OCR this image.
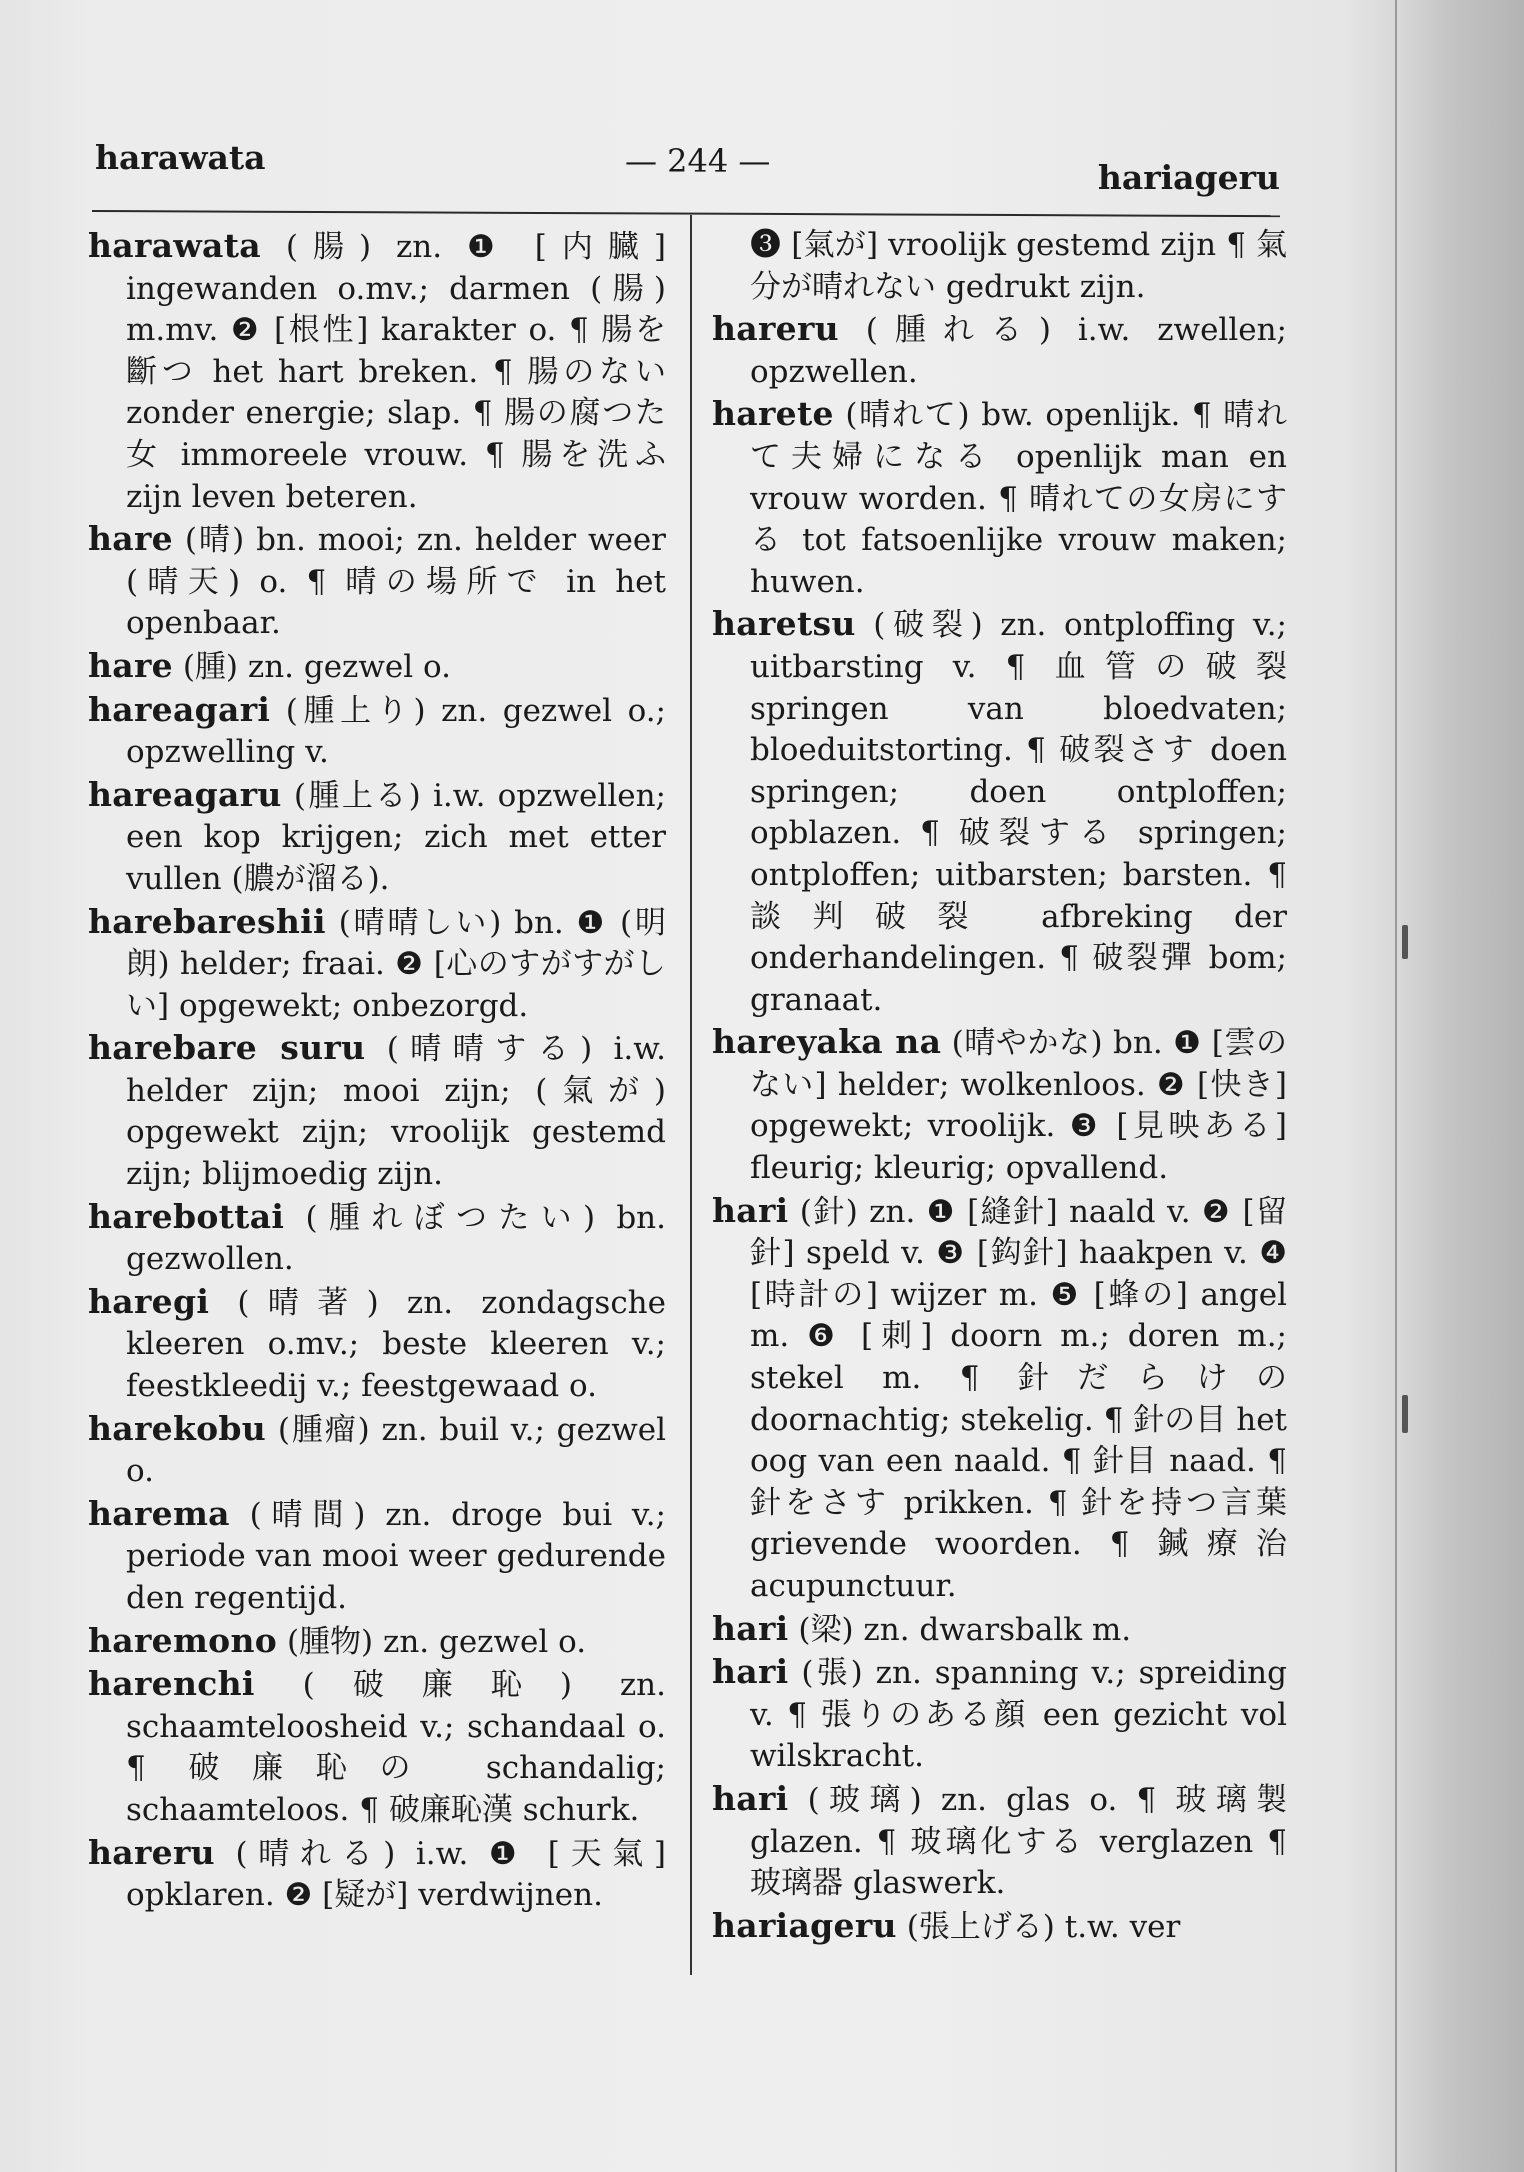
harawata	— 244 —	hariageru

harawata (腸) zn. ❶ [内臓] ingewanden o.mv.; darmen (腸) m.mv. ❷ [根性] karakter o. ¶ 腸を斷つ het hart breken. ¶ 腸のない zonder energie; slap. ¶ 腸の腐つた女 immoreele vrouw. ¶ 腸を洗ふ zijn leven beteren.

hare (晴) bn. mooi; zn. helder weer (晴天) o. ¶ 晴の場所で in het openbaar.

hare (腫) zn. gezwel o.

hareagari (腫上り) zn. gezwel o.; opzwelling v.

hareagaru (腫上る) i.w. opzwellen; een kop krijgen; zich met etter vullen (膿が溜る).

harebareshii (晴晴しい) bn. ❶ (明朗) helder; fraai. ❷ [心のすがすがしい] opgewekt; onbezorgd.

harebare suru (晴晴する) i.w. helder zijn; mooi zijn; (氣が) opgewekt zijn; vroolijk gestemd zijn; blijmoedig zijn.

harebottai (腫れぼつたい) bn. gezwollen.

haregi (晴著) zn. zondagsche kleeren o.mv.; beste kleeren v.; feestkleedij v.; feestgewaad o.

harekobu (腫瘤) zn. buil v.; gezwel o.

harema (晴間) zn. droge bui v.; periode van mooi weer gedurende den regentijd.

haremono (腫物) zn. gezwel o.

harenchi (破廉恥) zn. schaamteloosheid v.; schandaal o. ¶ 破廉恥の schandalig; schaamteloos. ¶ 破廉恥漢 schurk.

hareru (晴れる) i.w. ❶ [天氣] opklaren. ❷ [疑が] verdwijnen.

❸ [氣が] vroolijk gestemd zijn ¶ 氣分が晴れない gedrukt zijn.

hareru (腫れる) i.w. zwellen; opzwellen.

harete (晴れて) bw. openlijk. ¶ 晴れて夫婦になる openlijk man en vrouw worden. ¶ 晴れての女房にする tot fatsoenlijke vrouw maken; huwen.

haretsu (破裂) zn. ontploffing v.; uitbarsting v. ¶ 血管の破裂 springen van bloedvaten; bloeduitstorting. ¶ 破裂さす doen springen; doen ontploffen; opblazen. ¶ 破裂する springen; ontploffen; uitbarsten; barsten. ¶ 談判破裂 afbreking der onderhandelingen. ¶ 破裂彈 bom; granaat.

hareyaka na (晴やかな) bn. ❶ [雲のない] helder; wolkenloos. ❷ [快き] opgewekt; vroolijk. ❸ [見映ある] fleurig; kleurig; opvallend.

hari (針) zn. ❶ [縫針] naald v. ❷ [留針] speld v. ❸ [鈎針] haakpen v. ❹ [時計の] wijzer m. ❺ [蜂の] angel m. ❻ [刺] doorn m.; doren m.; stekel m. ¶ 針だらけの doornachtig; stekelig. ¶ 針の目 het oog van een naald. ¶ 針目 naad. ¶ 針をさす prikken. ¶ 針を持つ言葉 grievende woorden. ¶ 鍼療治 acupunctuur.

hari (梁) zn. dwarsbalk m.

hari (張) zn. spanning v.; spreiding v. ¶ 張りのある顔 een gezicht vol wilskracht.

hari (玻璃) zn. glas o. ¶ 玻璃製 glazen. ¶ 玻璃化する verglazen ¶ 玻璃器 glaswerk.

hariageru (張上げる) t.w. ver
